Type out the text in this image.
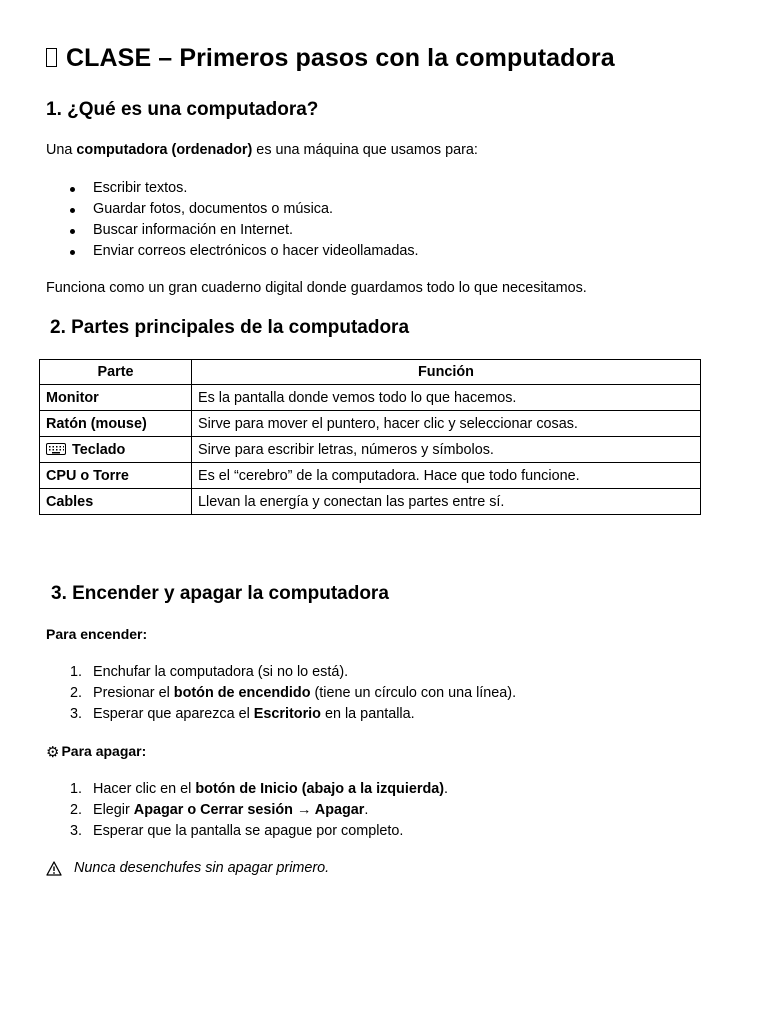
CLASE – Primeros pasos con la computadora
1. ¿Qué es una computadora?
Una computadora (ordenador) es una máquina que usamos para:
Escribir textos.
Guardar fotos, documentos o música.
Buscar información en Internet.
Enviar correos electrónicos o hacer videollamadas.
Funciona como un gran cuaderno digital donde guardamos todo lo que necesitamos.
2. Partes principales de la computadora
Parte	Función
Monitor	Es la pantalla donde vemos todo lo que hacemos.
Ratón (mouse)	Sirve para mover el puntero, hacer clic y seleccionar cosas.
Teclado	Sirve para escribir letras, números y símbolos.
CPU o Torre	Es el “cerebro” de la computadora. Hace que todo funcione.
Cables	Llevan la energía y conectan las partes entre sí.
3. Encender y apagar la computadora
Para encender:
1. Enchufar la computadora (si no lo está).
2. Presionar el botón de encendido (tiene un círculo con una línea).
3. Esperar que aparezca el Escritorio en la pantalla.
⚙ Para apagar:
1. Hacer clic en el botón de Inicio (abajo a la izquierda).
2. Elegir Apagar o Cerrar sesión → Apagar.
3. Esperar que la pantalla se apague por completo.
Nunca desenchufes sin apagar primero.
